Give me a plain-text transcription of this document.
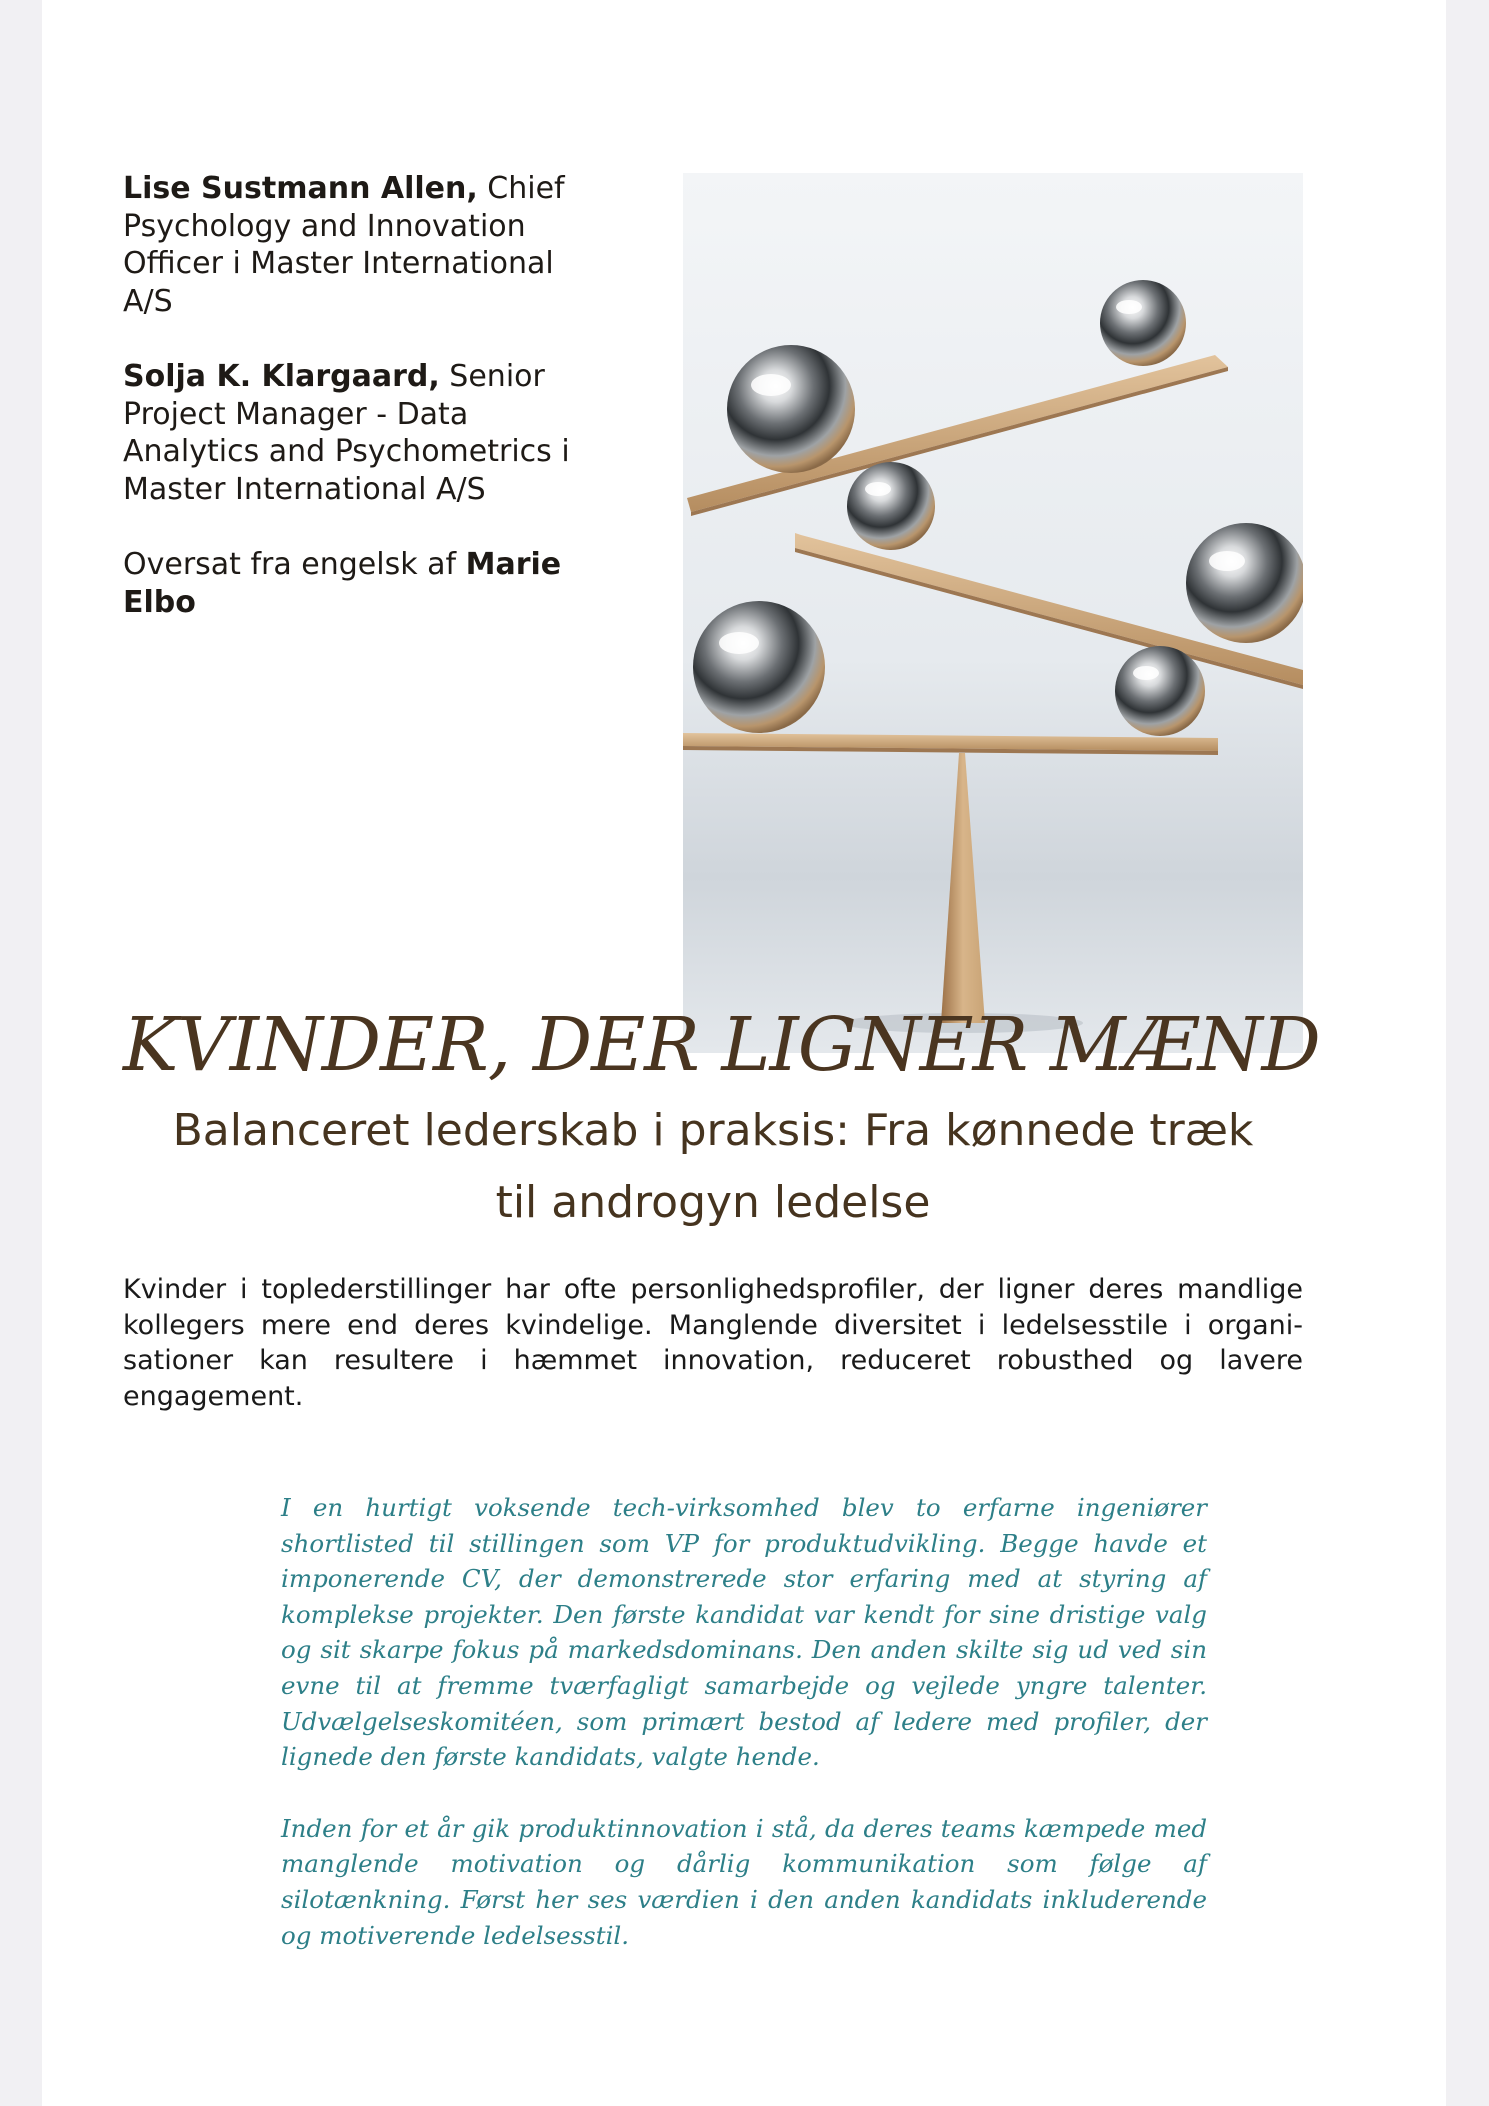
Lise Sustmann Allen, Chief Psychology and Innovation Officer i Master International A/S
Solja K. Klargaard, Senior Project Manager - Data Analytics and Psychometrics i Master International A/S
Oversat fra engelsk af Marie Elbo
KVINDER, DER LIGNER MÆND
Balanceret lederskab i praksis: Fra kønnede træk
til androgyn ledelse
Kvinder i toplederstillinger har ofte personlighedsprofiler, der ligner deres mandlige kollegers mere end deres kvindelige. Manglende diversitet i ledelsesstile i organisationer kan resultere i hæmmet innovation, reduceret robusthed og lavere engagement.

I en hurtigt voksende tech-virksomhed blev to erfarne ingeniører shortlisted til stillingen som VP for produktudvikling. Begge havde et imponerende CV, der demonstrerede stor erfaring med at styring af komplekse projekter. Den første kandidat var kendt for sine dristige valg og sit skarpe fokus på markedsdominans. Den anden skilte sig ud ved sin evne til at fremme tværfagligt samarbejde og vejlede yngre talenter. Udvælgelseskomitéen, som primært bestod af ledere med profiler, der lignede den første kandidats, valgte hende.

Inden for et år gik produktinnovation i stå, da deres teams kæmpede med manglende motivation og dårlig kommunikation som følge af silotænkning. Først her ses værdien i den anden kandidats inkluderende og motiverende ledelsesstil.
